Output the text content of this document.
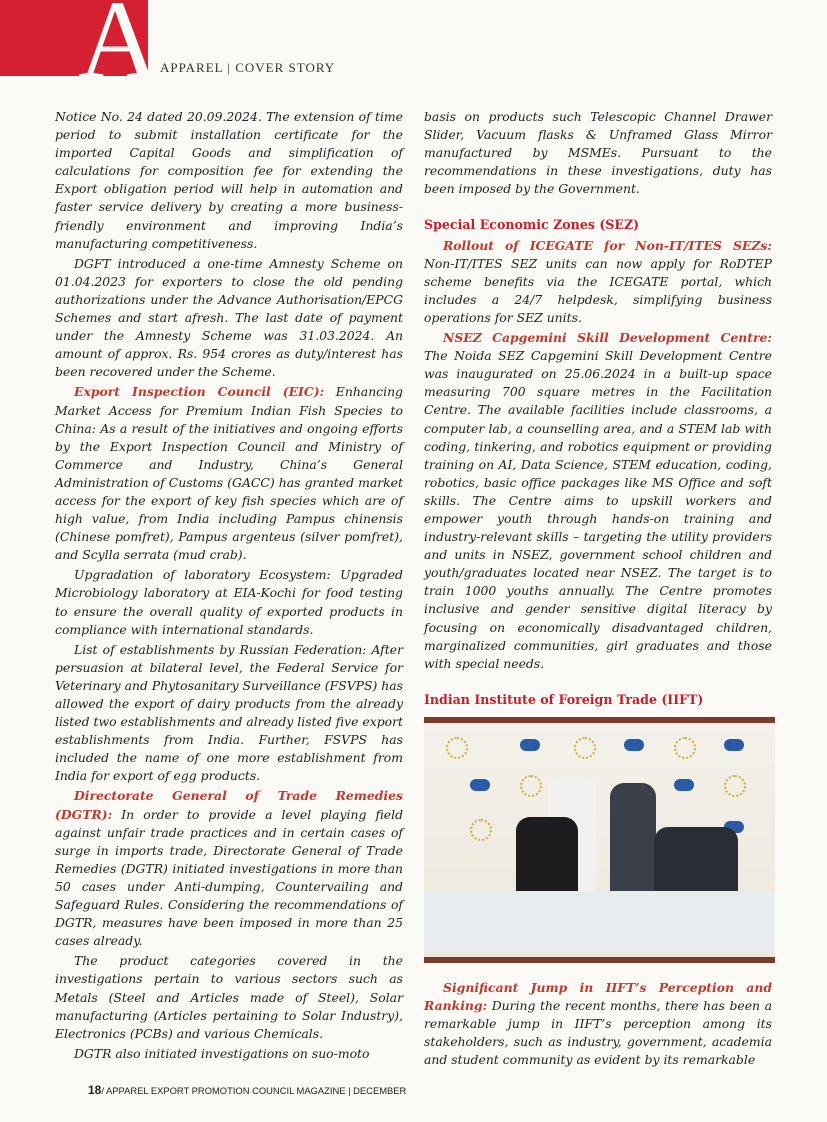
A APPAREL | COVER STORY

Notice No. 24 dated 20.09.2024. The extension of time period to submit installation certificate for the imported Capital Goods and simplification of calculations for composition fee for extending the Export obligation period will help in automation and faster service delivery by creating a more business-friendly environment and improving India’s manufacturing competitiveness.

DGFT introduced a one-time Amnesty Scheme on 01.04.2023 for exporters to close the old pending authorizations under the Advance Authorisation/EPCG Schemes and start afresh. The last date of payment under the Amnesty Scheme was 31.03.2024. An amount of approx. Rs. 954 crores as duty/interest has been recovered under the Scheme.

Export Inspection Council (EIC): Enhancing Market Access for Premium Indian Fish Species to China: As a result of the initiatives and ongoing efforts by the Export Inspection Council and Ministry of Commerce and Industry, China’s General Administration of Customs (GACC) has granted market access for the export of key fish species which are of high value, from India including Pampus chinensis (Chinese pomfret), Pampus argenteus (silver pomfret), and Scylla serrata (mud crab).

Upgradation of laboratory Ecosystem: Upgraded Microbiology laboratory at EIA-Kochi for food testing to ensure the overall quality of exported products in compliance with international standards.

List of establishments by Russian Federation: After persuasion at bilateral level, the Federal Service for Veterinary and Phytosanitary Surveillance (FSVPS) has allowed the export of dairy products from the already listed two establishments and already listed five export establishments from India. Further, FSVPS has included the name of one more establishment from India for export of egg products.

Directorate General of Trade Remedies (DGTR): In order to provide a level playing field against unfair trade practices and in certain cases of surge in imports trade, Directorate General of Trade Remedies (DGTR) initiated investigations in more than 50 cases under Anti-dumping, Countervailing and Safeguard Rules. Considering the recommendations of DGTR, measures have been imposed in more than 25 cases already.

The product categories covered in the investigations pertain to various sectors such as Metals (Steel and Articles made of Steel), Solar manufacturing (Articles pertaining to Solar Industry), Electronics (PCBs) and various Chemicals.

DGTR also initiated investigations on suo-moto

basis on products such Telescopic Channel Drawer Slider, Vacuum flasks & Unframed Glass Mirror manufactured by MSMEs. Pursuant to the recommendations in these investigations, duty has been imposed by the Government.

Special Economic Zones (SEZ)

Rollout of ICEGATE for Non-IT/ITES SEZs: Non-IT/ITES SEZ units can now apply for RoDTEP scheme benefits via the ICEGATE portal, which includes a 24/7 helpdesk, simplifying business operations for SEZ units.

NSEZ Capgemini Skill Development Centre: The Noida SEZ Capgemini Skill Development Centre was inaugurated on 25.06.2024 in a built-up space measuring 700 square metres in the Facilitation Centre. The available facilities include classrooms, a computer lab, a counselling area, and a STEM lab with coding, tinkering, and robotics equipment or providing training on AI, Data Science, STEM education, coding, robotics, basic office packages like MS Office and soft skills. The Centre aims to upskill workers and empower youth through hands-on training and industry-relevant skills – targeting the utility providers and units in NSEZ, government school children and youth/graduates located near NSEZ. The target is to train 1000 youths annually. The Centre promotes inclusive and gender sensitive digital literacy by focusing on economically disadvantaged children, marginalized communities, girl graduates and those with special needs.

Indian Institute of Foreign Trade (IIFT)

Significant Jump in IIFT’s Perception and Ranking: During the recent months, there has been a remarkable jump in IIFT’s perception among its stakeholders, such as industry, government, academia and student community as evident by its remarkable

18/ APPAREL EXPORT PROMOTION COUNCIL MAGAZINE | DECEMBER
